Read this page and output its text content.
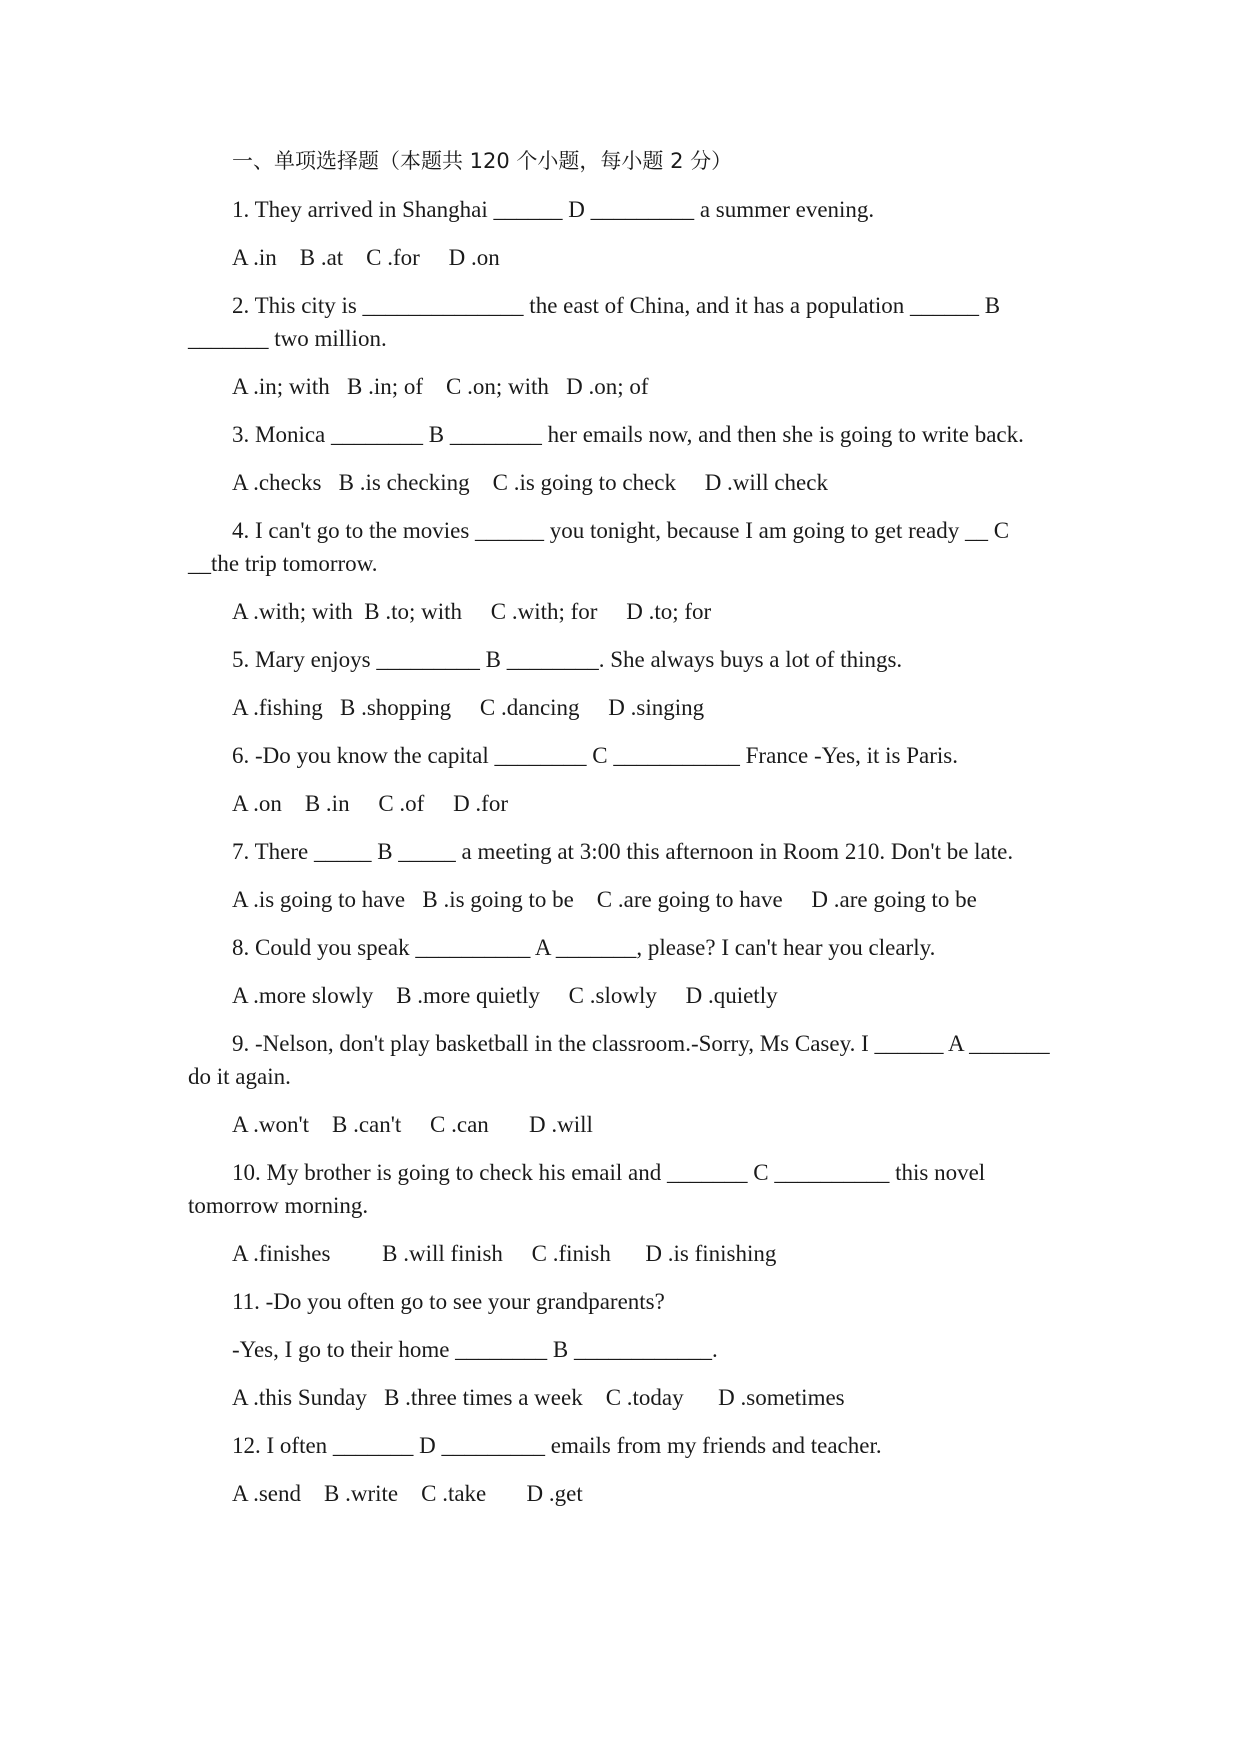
一、单项选择题（本题共 120 个小题，每小题 2 分）

1. They arrived in Shanghai ______ D _________ a summer evening.

A .in    B .at    C .for     D .on

2. This city is ______________ the east of China, and it has a population ______ B _______ two million.

A .in; with   B .in; of    C .on; with   D .on; of

3. Monica ________ B ________ her emails now, and then she is going to write back.

A .checks   B .is checking    C .is going to check     D .will check

4. I can't go to the movies ______ you tonight, because I am going to get ready __ C __the trip tomorrow.

A .with; with  B .to; with     C .with; for     D .to; for

5. Mary enjoys _________ B ________. She always buys a lot of things.

A .fishing   B .shopping     C .dancing     D .singing

6. -Do you know the capital ________ C ___________ France -Yes, it is Paris.

A .on    B .in     C .of     D .for

7. There _____ B _____ a meeting at 3:00 this afternoon in Room 210. Don't be late.

A .is going to have   B .is going to be    C .are going to have     D .are going to be

8. Could you speak __________ A _______, please? I can't hear you clearly.

A .more slowly    B .more quietly     C .slowly     D .quietly

9. -Nelson, don't play basketball in the classroom.-Sorry, Ms Casey. I ______ A _______ do it again.

A .won't    B .can't     C .can       D .will

10. My brother is going to check his email and _______ C __________ this novel tomorrow morning.

A .finishes         B .will finish     C .finish      D .is finishing

11. -Do you often go to see your grandparents?

-Yes, I go to their home ________ B ____________.

A .this Sunday   B .three times a week    C .today      D .sometimes

12. I often _______ D _________ emails from my friends and teacher.

A .send    B .write    C .take       D .get
